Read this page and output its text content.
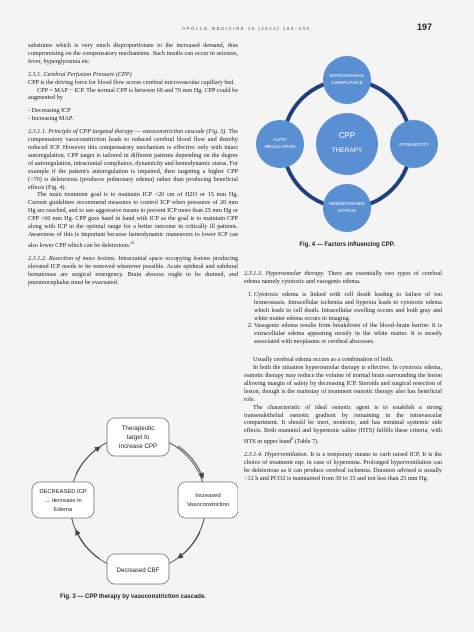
APOLLO MEDICINE 10 (2013) 193–200	197

substrates which is very much disproportionate to the increased demand, thus compromising on the compensatory mechanisms. Such insults can occur in seizures, fever, hyperglycemia etc.

2.3.1. Cerebral Perfusion Pressure (CPP)

CPP is the driving force for blood flow across cerebral microvascular capillary bed.

CPP = MAP − ICP. The normal CPP is between 60 and 70 mm Hg. CPP could be augmented by

- Decreasing ICP
- Increasing MAP.

2.3.1.1. Principle of CPP targeted therapy — vasoconstriction cascade (Fig. 3). The compensatory vasoconstriction leads to reduced cerebral blood flow and thereby reduced ICP. However this compensatory mechanism is effective only with intact autoregulation. CPP target is tailored in different patients depending on the degree of autoregulation, intracranial compliance, dynamicity and hemodynamic status. For example if the patient's autoregulation is impaired, then targeting a higher CPP (>70) is deleterious (produces pulmonary edema) rather than producing beneficial effects (Fig. 4).

The main treatment goal is to maintain ICP <20 cm of H2O or 15 mm Hg. Current guidelines recommend measures to control ICP when pressures of 20 mm Hg are reached, and to use aggressive means to prevent ICP more than 25 mm Hg or CPP <60 mm Hg. CPP goes hand in hand with ICP as the goal is to maintain CPP along with ICP in the optimal range for a better outcome in critically ill patients. Awareness of this is important because hemodynamic maneuvers to lower ICP can also lower CPP which can be deleterious.$^{12}$

2.3.1.2. Resection of mass lesions. Intracranial space occupying lesions producing elevated ICP needs to be removed whenever possible. Acute epidural and subdural hematomas are surgical emergency. Brain abscess ought to be drained, and pneumocephalus must be evacuated.

Therapeutic
target to
Increase CPP
Increased
Vasoconstriction
Decreased CBF
DECREASED ICP
→ decrease in
Edema
Fig. 3 — CPP therapy by vasoconstriction cascade.
CPP
THERAPY
INTRACRANIAL
COMPLIANCE
AUTO
REGULATION	DYNAMICITY
HEMODYNAMIC
STATUS
Fig. 4 — Factors influencing CPP.

2.3.1.3. Hyperosmolar therapy. There are essentially two types of cerebral edema namely cytotoxic and vasogenic edema.

1. Cytotoxic edema is linked with cell death leading to failure of ion homeostasis. Intracellular ischemia and hypoxia leads to cytotoxic edema which leads to cell death. Intracellular swelling occurs and both gray and white matter edema occurs in imaging.
2. Vasogenic edema results from breakdown of the blood–brain barrier. It is extracellular edema appearing mostly in the white matter. It is mostly associated with neoplasms or cerebral abscesses.

Usually cerebral edema occurs as a combination of both.

In both the situation hyperosmolar therapy is effective. In cytotoxic edema, osmotic therapy may reduce the volume of normal brain surrounding the lesion allowing margin of safety by decreasing ICP. Steroids and surgical resection of lesion, though is the mainstay of treatment osmotic therapy also has beneficial role.

The characteristic of ideal osmotic agent is to establish a strong transendothelial osmotic gradient by remaining in the intravascular compartment. It should be inert, nontoxic, and has minimal systemic side effects. Both mannitol and hypertonic saline (HTS) fulfills these criteria, with HTS in upper hand$^8$ (Table 7).

2.3.1.4. Hyperventilation. It is a temporary means to curb raised ICP. It is the choice of treatment esp. in case of hyperemia. Prolonged hyperventilation can be deleterious as it can produce cerebral ischemia. Duration advised is usually <12 h and PCO2 is maintained from 30 to 35 and not less than 25 mm Hg.
